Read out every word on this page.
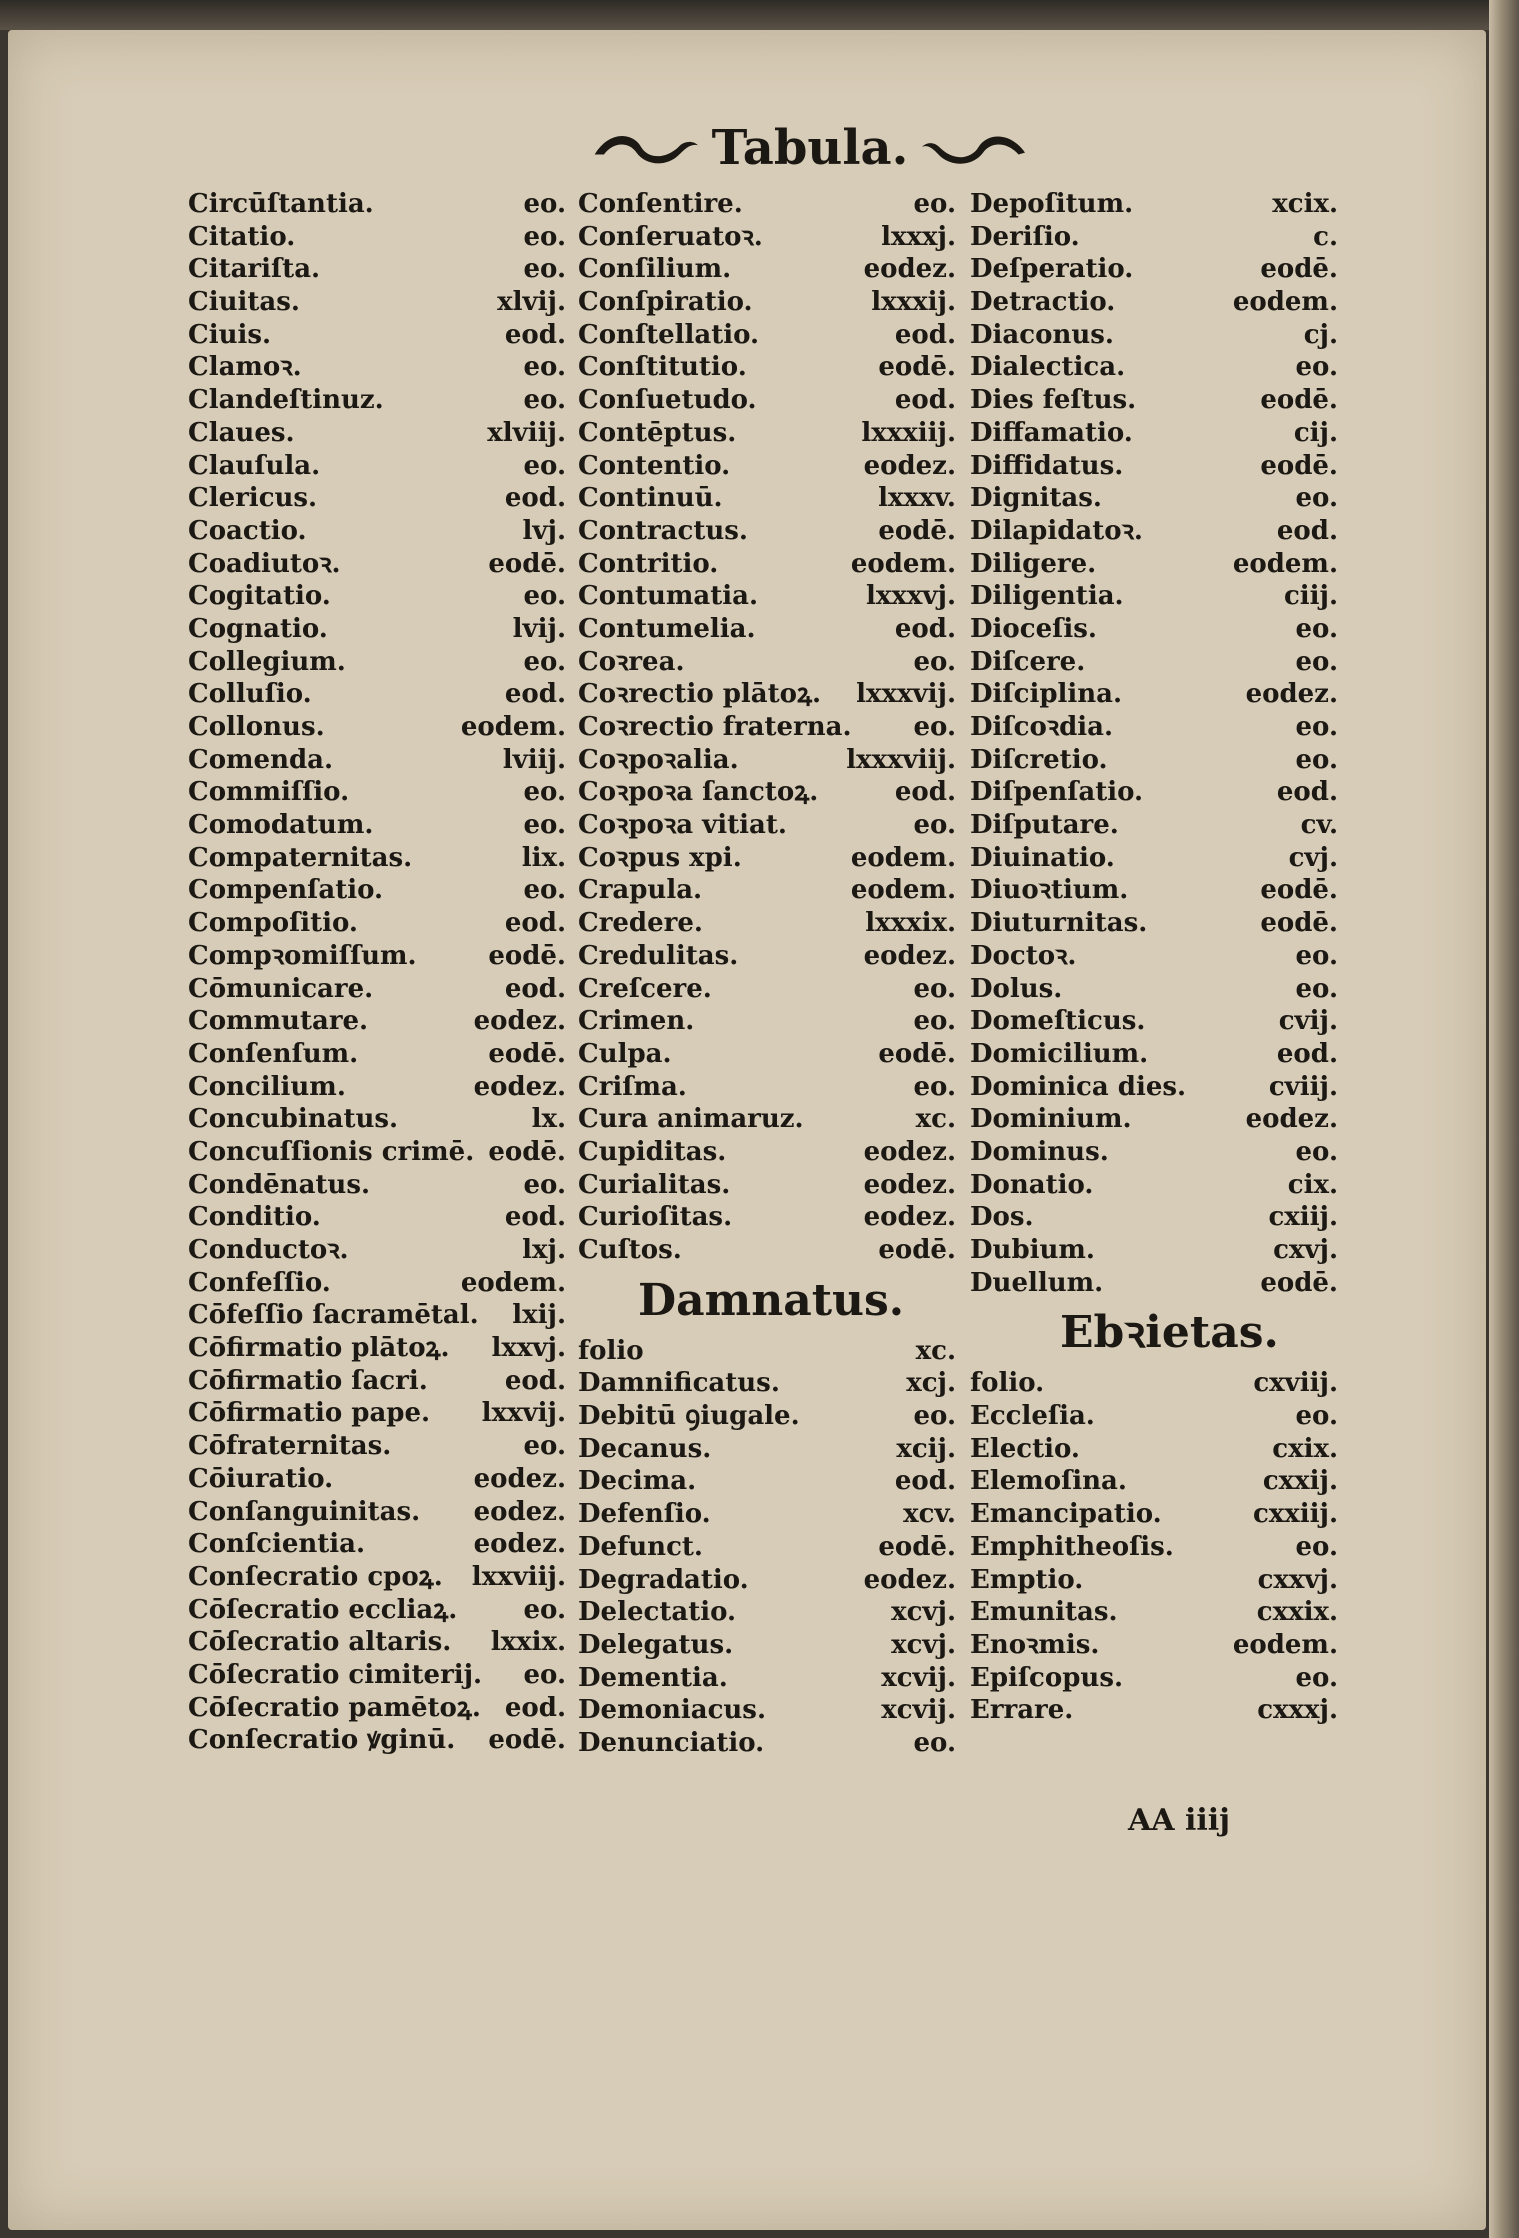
Tabula.
Circūſtantia.	eo.
Citatio.	eo.
Citariſta.	eo.
Ciuitas.	xlvij.
Ciuis.	eod.
Clamoꝛ.	eo.
Clandeſtinuz.	eo.
Claues.	xlviij.
Clauſula.	eo.
Clericus.	eod.
Coactio.	lvj.
Coadiutoꝛ.	eodē.
Cogitatio.	eo.
Cognatio.	lvij.
Collegium.	eo.
Colluſio.	eod.
Collonus.	eodem.
Comenda.	lviij.
Commiſſio.	eo.
Comodatum.	eo.
Compaternitas.	lix.
Compenſatio.	eo.
Compoſitio.	eod.
Compꝛomiſſum.	eodē.
Cōmunicare.	eod.
Commutare.	eodez.
Conſenſum.	eodē.
Concilium.	eodez.
Concubinatus.	lx.
Concuſſionis crimē. eodē.
Condēnatus.	eo.
Conditio.	eod.
Conductoꝛ.	lxj.
Confeſſio.	eodem.
Cōfeſſio ſacramētal.	lxij.
Cōfirmatio plātoꝝ.	lxxvj.
Cōfirmatio ſacri.	eod.
Cōfirmatio pape.	lxxvij.
Cōfraternitas.	eo.
Cōiuratio.	eodez.
Conſanguinitas.	eodez.
Conſcientia.	eodez.
Conſecratio cpoꝝ.	lxxviij.
Cōſecratio eccliaꝝ.	eo.
Cōſecratio altaris.	lxxix.
Cōſecratio cimiterij.	eo.
Cōſecratio pamētoꝝ. eod.
Conſecratio ꝟginū.	eodē.
Conſentire.	eo.
Conſeruatoꝛ.	lxxxj.
Conſilium.	eodez.
Conſpiratio.	lxxxij.
Conſtellatio.	eod.
Conſtitutio.	eodē.
Conſuetudo.	eod.
Contēptus.	lxxxiij.
Contentio.	eodez.
Continuū.	lxxxv.
Contractus.	eodē.
Contritio.	eodem.
Contumatia.	lxxxvj.
Contumelia.	eod.
Coꝛrea.	eo.
Coꝛrectio plātoꝝ.	lxxxvij.
Coꝛrectio fraterna.	eo.
Coꝛpoꝛalia.	lxxxviij.
Coꝛpoꝛa ſanctoꝝ.	eod.
Coꝛpoꝛa vitiat.	eo.
Coꝛpus xpi.	eodem.
Crapula.	eodem.
Credere.	lxxxix.
Credulitas.	eodez.
Creſcere.	eo.
Crimen.	eo.
Culpa.	eodē.
Criſma.	eo.
Cura animaruz.	xc.
Cupiditas.	eodez.
Curialitas.	eodez.
Curioſitas.	eodez.
Cuſtos.	eodē.
Damnatus.
folio	xc.
Damnificatus.	xcj.
Debitū ꝯiugale.	eo.
Decanus.	xcij.
Decima.	eod.
Defenſio.	xcv.
Defunct.	eodē.
Degradatio.	eodez.
Delectatio.	xcvj.
Delegatus.	xcvj.
Dementia.	xcvij.
Demoniacus.	xcvij.
Denunciatio.	eo.
Depoſitum.	xcix.
Deriſio.	c.
Deſperatio.	eodē.
Detractio.	eodem.
Diaconus.	cj.
Dialectica.	eo.
Dies feſtus.	eodē.
Diffamatio.	cij.
Diffidatus.	eodē.
Dignitas.	eo.
Dilapidatoꝛ.	eod.
Diligere.	eodem.
Diligentia.	ciij.
Dioceſis.	eo.
Diſcere.	eo.
Diſciplina.	eodez.
Diſcoꝛdia.	eo.
Diſcretio.	eo.
Diſpenſatio.	eod.
Diſputare.	cv.
Diuinatio.	cvj.
Diuoꝛtium.	eodē.
Diuturnitas.	eodē.
Doctoꝛ.	eo.
Dolus.	eo.
Domeſticus.	cvij.
Domicilium.	eod.
Dominica dies.	cviij.
Dominium.	eodez.
Dominus.	eo.
Donatio.	cix.
Dos.	cxiij.
Dubium.	cxvj.
Duellum.	eodē.
Ebꝛietas.
folio.	cxviij.
Eccleſia.	eo.
Electio.	cxix.
Elemoſina.	cxxij.
Emancipatio.	cxxiij.
Emphitheoſis.	eo.
Emptio.	cxxvj.
Emunitas.	cxxix.
Enoꝛmis.	eodem.
Epiſcopus.	eo.
Errare.	cxxxj.
AA iiij
